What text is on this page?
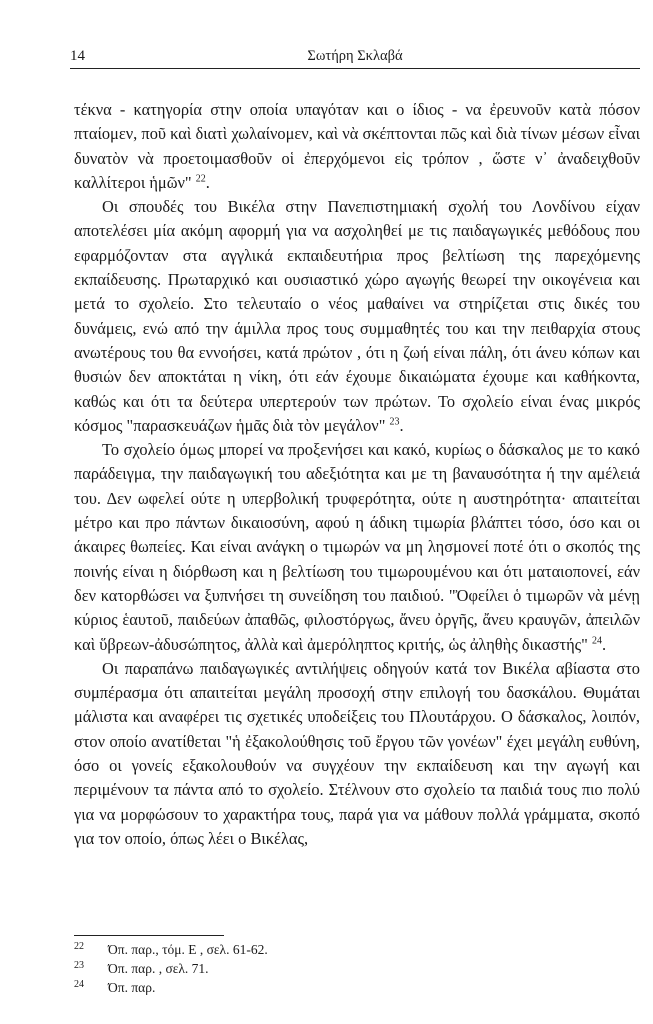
14	Σωτήρη Σκλαβά

τέκνα - κατηγορία στην οποία υπαγόταν και ο ίδιος - να ἐρευνοῦν κατὰ πόσον πταίομεν, ποῦ καὶ διατὶ χωλαίνομεν, καὶ νὰ σκέπτονται πῶς καὶ διὰ τίνων μέσων εἶναι δυνατὸν νὰ προετοιμασθοῦν οἱ ἐπερχόμενοι εἰς τρόπον , ὥστε ν᾽ ἀναδειχθοῦν καλλίτεροι ἡμῶν" $^{22}$.

Οι σπουδές του Βικέλα στην Πανεπιστημιακή σχολή του Λονδίνου είχαν αποτελέσει μία ακόμη αφορμή για να ασχοληθεί με τις παιδαγωγικές μεθόδους που εφαρμόζονταν στα αγγλικά εκπαιδευτήρια προς βελτίωση της παρεχόμενης εκπαίδευσης. Πρωταρχικό και ουσιαστικό χώρο αγωγής θεωρεί την οικογένεια και μετά το σχολείο. Στο τελευταίο ο νέος μαθαίνει να στηρίζεται στις δικές του δυνάμεις, ενώ από την άμιλλα προς τους συμμαθητές του και την πειθαρχία στους ανωτέρους του θα εννοήσει, κατά πρώτον , ότι η ζωή είναι πάλη, ότι άνευ κόπων και θυσιών δεν αποκτάται η νίκη, ότι εάν έχουμε δικαιώματα έχουμε και καθήκοντα, καθώς και ότι τα δεύτερα υπερτερούν των πρώτων. Το σχολείο είναι ένας μικρός κόσμος "παρασκευάζων ἡμᾶς διὰ τὸν μεγάλον" $^{23}$.

Το σχολείο όμως μπορεί να προξενήσει και κακό, κυρίως ο δάσκαλος με το κακό παράδειγμα, την παιδαγωγική του αδεξιότητα και με τη βαναυσότητα ή την αμέλειά του. Δεν ωφελεί ούτε η υπερβολική τρυφερότητα, ούτε η αυστηρότητα· απαιτείται μέτρο και προ πάντων δικαιοσύνη, αφού η άδικη τιμωρία βλάπτει τόσο, όσο και οι άκαιρες θωπείες. Και είναι ανάγκη ο τιμωρών να μη λησμονεί ποτέ ότι ο σκοπός της ποινής είναι η διόρθωση και η βελτίωση του τιμωρουμένου και ότι ματαιοπονεί, εάν δεν κατορθώσει να ξυπνήσει τη συνείδηση του παιδιού. "Ὀφείλει ὁ τιμωρῶν νὰ μένῃ κύριος ἑαυτοῦ, παιδεύων ἀπαθῶς, φιλοστόργως, ἄνευ ὀργῆς, ἄνευ κραυγῶν, ἀπειλῶν καὶ ὕβρεων-ἀδυσώπητος, ἀλλὰ καὶ ἀμερόληπτος κριτής, ὡς ἀληθὴς δικαστής" $^{24}$.

Οι παραπάνω παιδαγωγικές αντιλήψεις οδηγούν κατά τον Βικέλα αβίαστα στο συμπέρασμα ότι απαιτείται μεγάλη προσοχή στην επιλογή του δασκάλου. Θυμάται μάλιστα και αναφέρει τις σχετικές υποδείξεις του Πλουτάρχου. Ο δάσκαλος, λοιπόν, στον οποίο ανατίθεται "ἡ ἐξακολούθησις τοῦ ἔργου τῶν γονέων" έχει μεγάλη ευθύνη, όσο οι γονείς εξακολουθούν να συγχέουν την εκπαίδευση και την αγωγή και περιμένουν τα πάντα από το σχολείο. Στέλνουν στο σχολείο τα παιδιά τους πιο πολύ για να μορφώσουν το χαρακτήρα τους, παρά για να μάθουν πολλά γράμματα, σκοπό για τον οποίο, όπως λέει ο Βικέλας,

22	Όπ. παρ., τόμ. Ε , σελ. 61-62.
23	Όπ. παρ. , σελ. 71.
24	Όπ. παρ.
